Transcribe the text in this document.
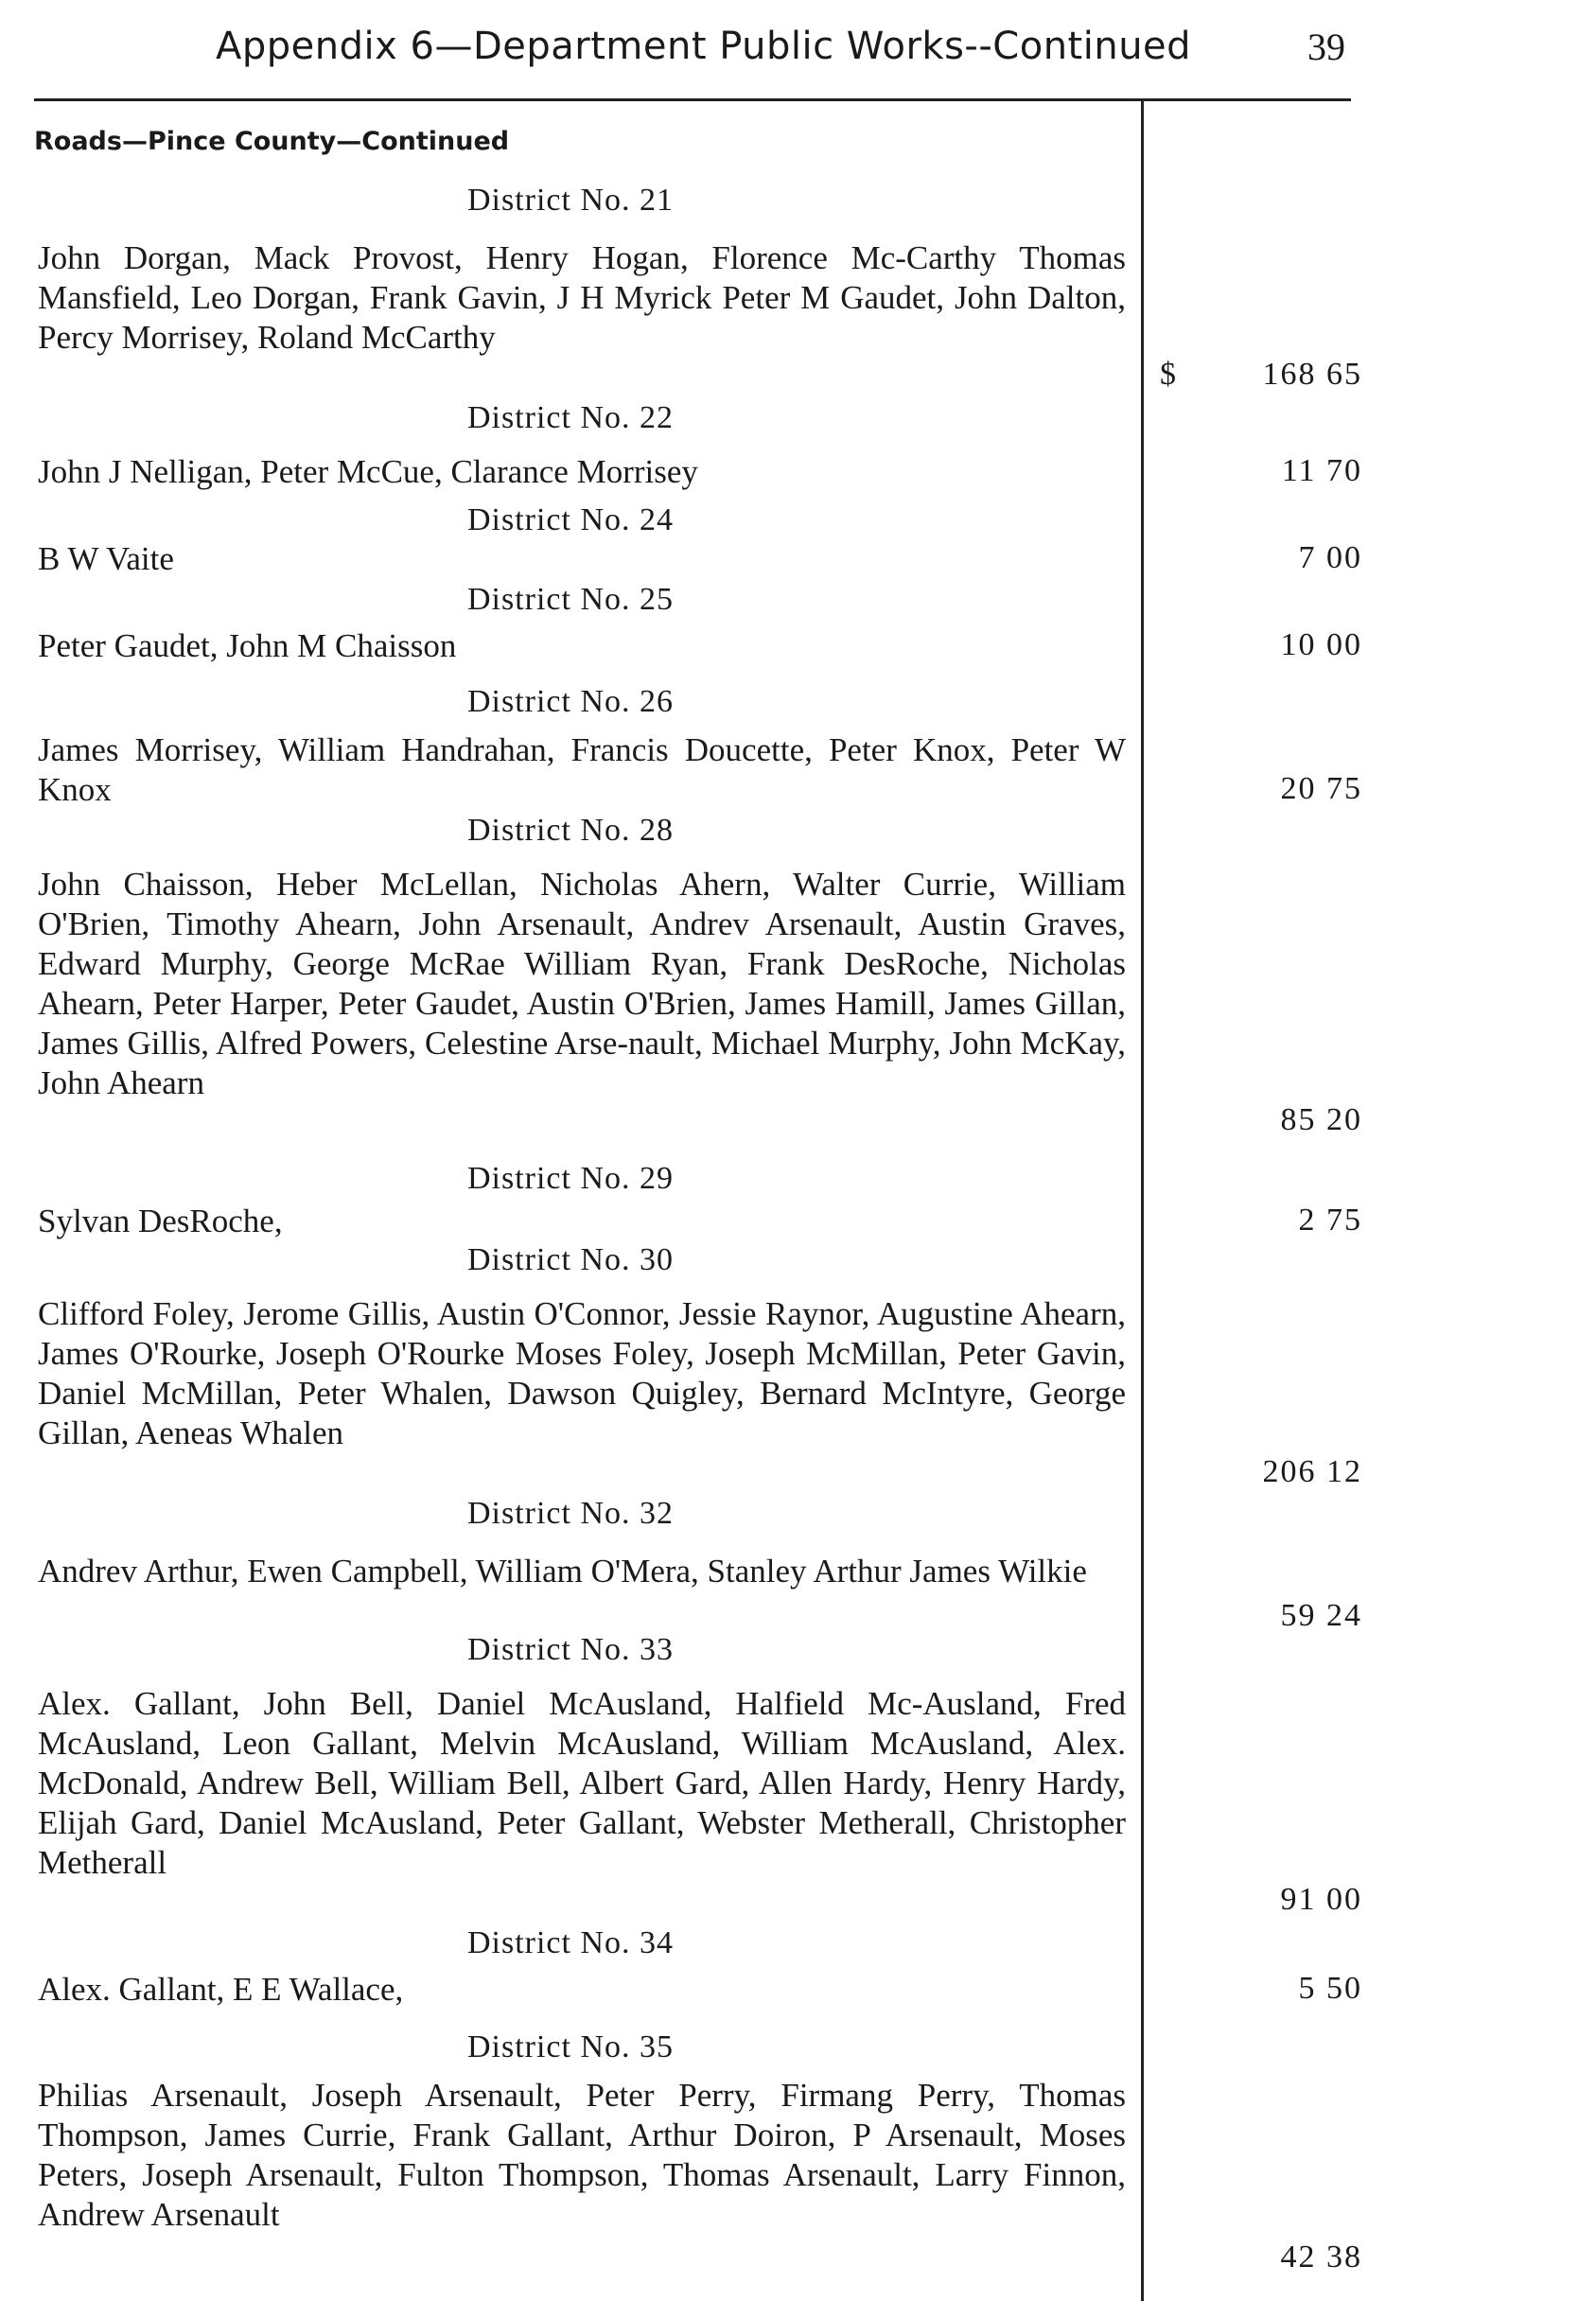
Appendix 6—Department Public Works--Continued	39
Roads—Pince County—Continued
District No. 21
John Dorgan, Mack Provost, Henry Hogan, Florence Mc-Carthy Thomas Mansfield, Leo Dorgan, Frank Gavin, J H Myrick Peter M Gaudet, John Dalton, Percy Morrisey, Roland McCarthy
$	168 65
District No. 22
John J Nelligan, Peter McCue, Clarance Morrisey	11 70
District No. 24
B W Vaite	7 00
District No. 25
Peter Gaudet, John M Chaisson	10 00
District No. 26
James Morrisey, William Handrahan, Francis Doucette, Peter Knox, Peter W Knox	20 75
District No. 28
John Chaisson, Heber McLellan, Nicholas Ahern, Walter Currie, William O'Brien, Timothy Ahearn, John Arsenault, Andrev Arsenault, Austin Graves, Edward Murphy, George McRae William Ryan, Frank DesRoche, Nicholas Ahearn, Peter Harper, Peter Gaudet, Austin O'Brien, James Hamill, James Gillan, James Gillis, Alfred Powers, Celestine Arse-nault, Michael Murphy, John McKay, John Ahearn
85 20
District No. 29
Sylvan DesRoche,	2 75
District No. 30
Clifford Foley, Jerome Gillis, Austin O'Connor, Jessie Raynor, Augustine Ahearn, James O'Rourke, Joseph O'Rourke Moses Foley, Joseph McMillan, Peter Gavin, Daniel McMillan, Peter Whalen, Dawson Quigley, Bernard McIntyre, George Gillan, Aeneas Whalen
206 12
District No. 32
Andrev Arthur, Ewen Campbell, William O'Mera, Stanley Arthur James Wilkie
59 24
District No. 33
Alex. Gallant, John Bell, Daniel McAusland, Halfield Mc-Ausland, Fred McAusland, Leon Gallant, Melvin McAusland, William McAusland, Alex. McDonald, Andrew Bell, William Bell, Albert Gard, Allen Hardy, Henry Hardy, Elijah Gard, Daniel McAusland, Peter Gallant, Webster Metherall, Christopher Metherall
91 00
District No. 34
Alex. Gallant, E E Wallace,	5 50
District No. 35
Philias Arsenault, Joseph Arsenault, Peter Perry, Firmang Perry, Thomas Thompson, James Currie, Frank Gallant, Arthur Doiron, P Arsenault, Moses Peters, Joseph Arsenault, Fulton Thompson, Thomas Arsenault, Larry Finnon, Andrew Arsenault
42 38
